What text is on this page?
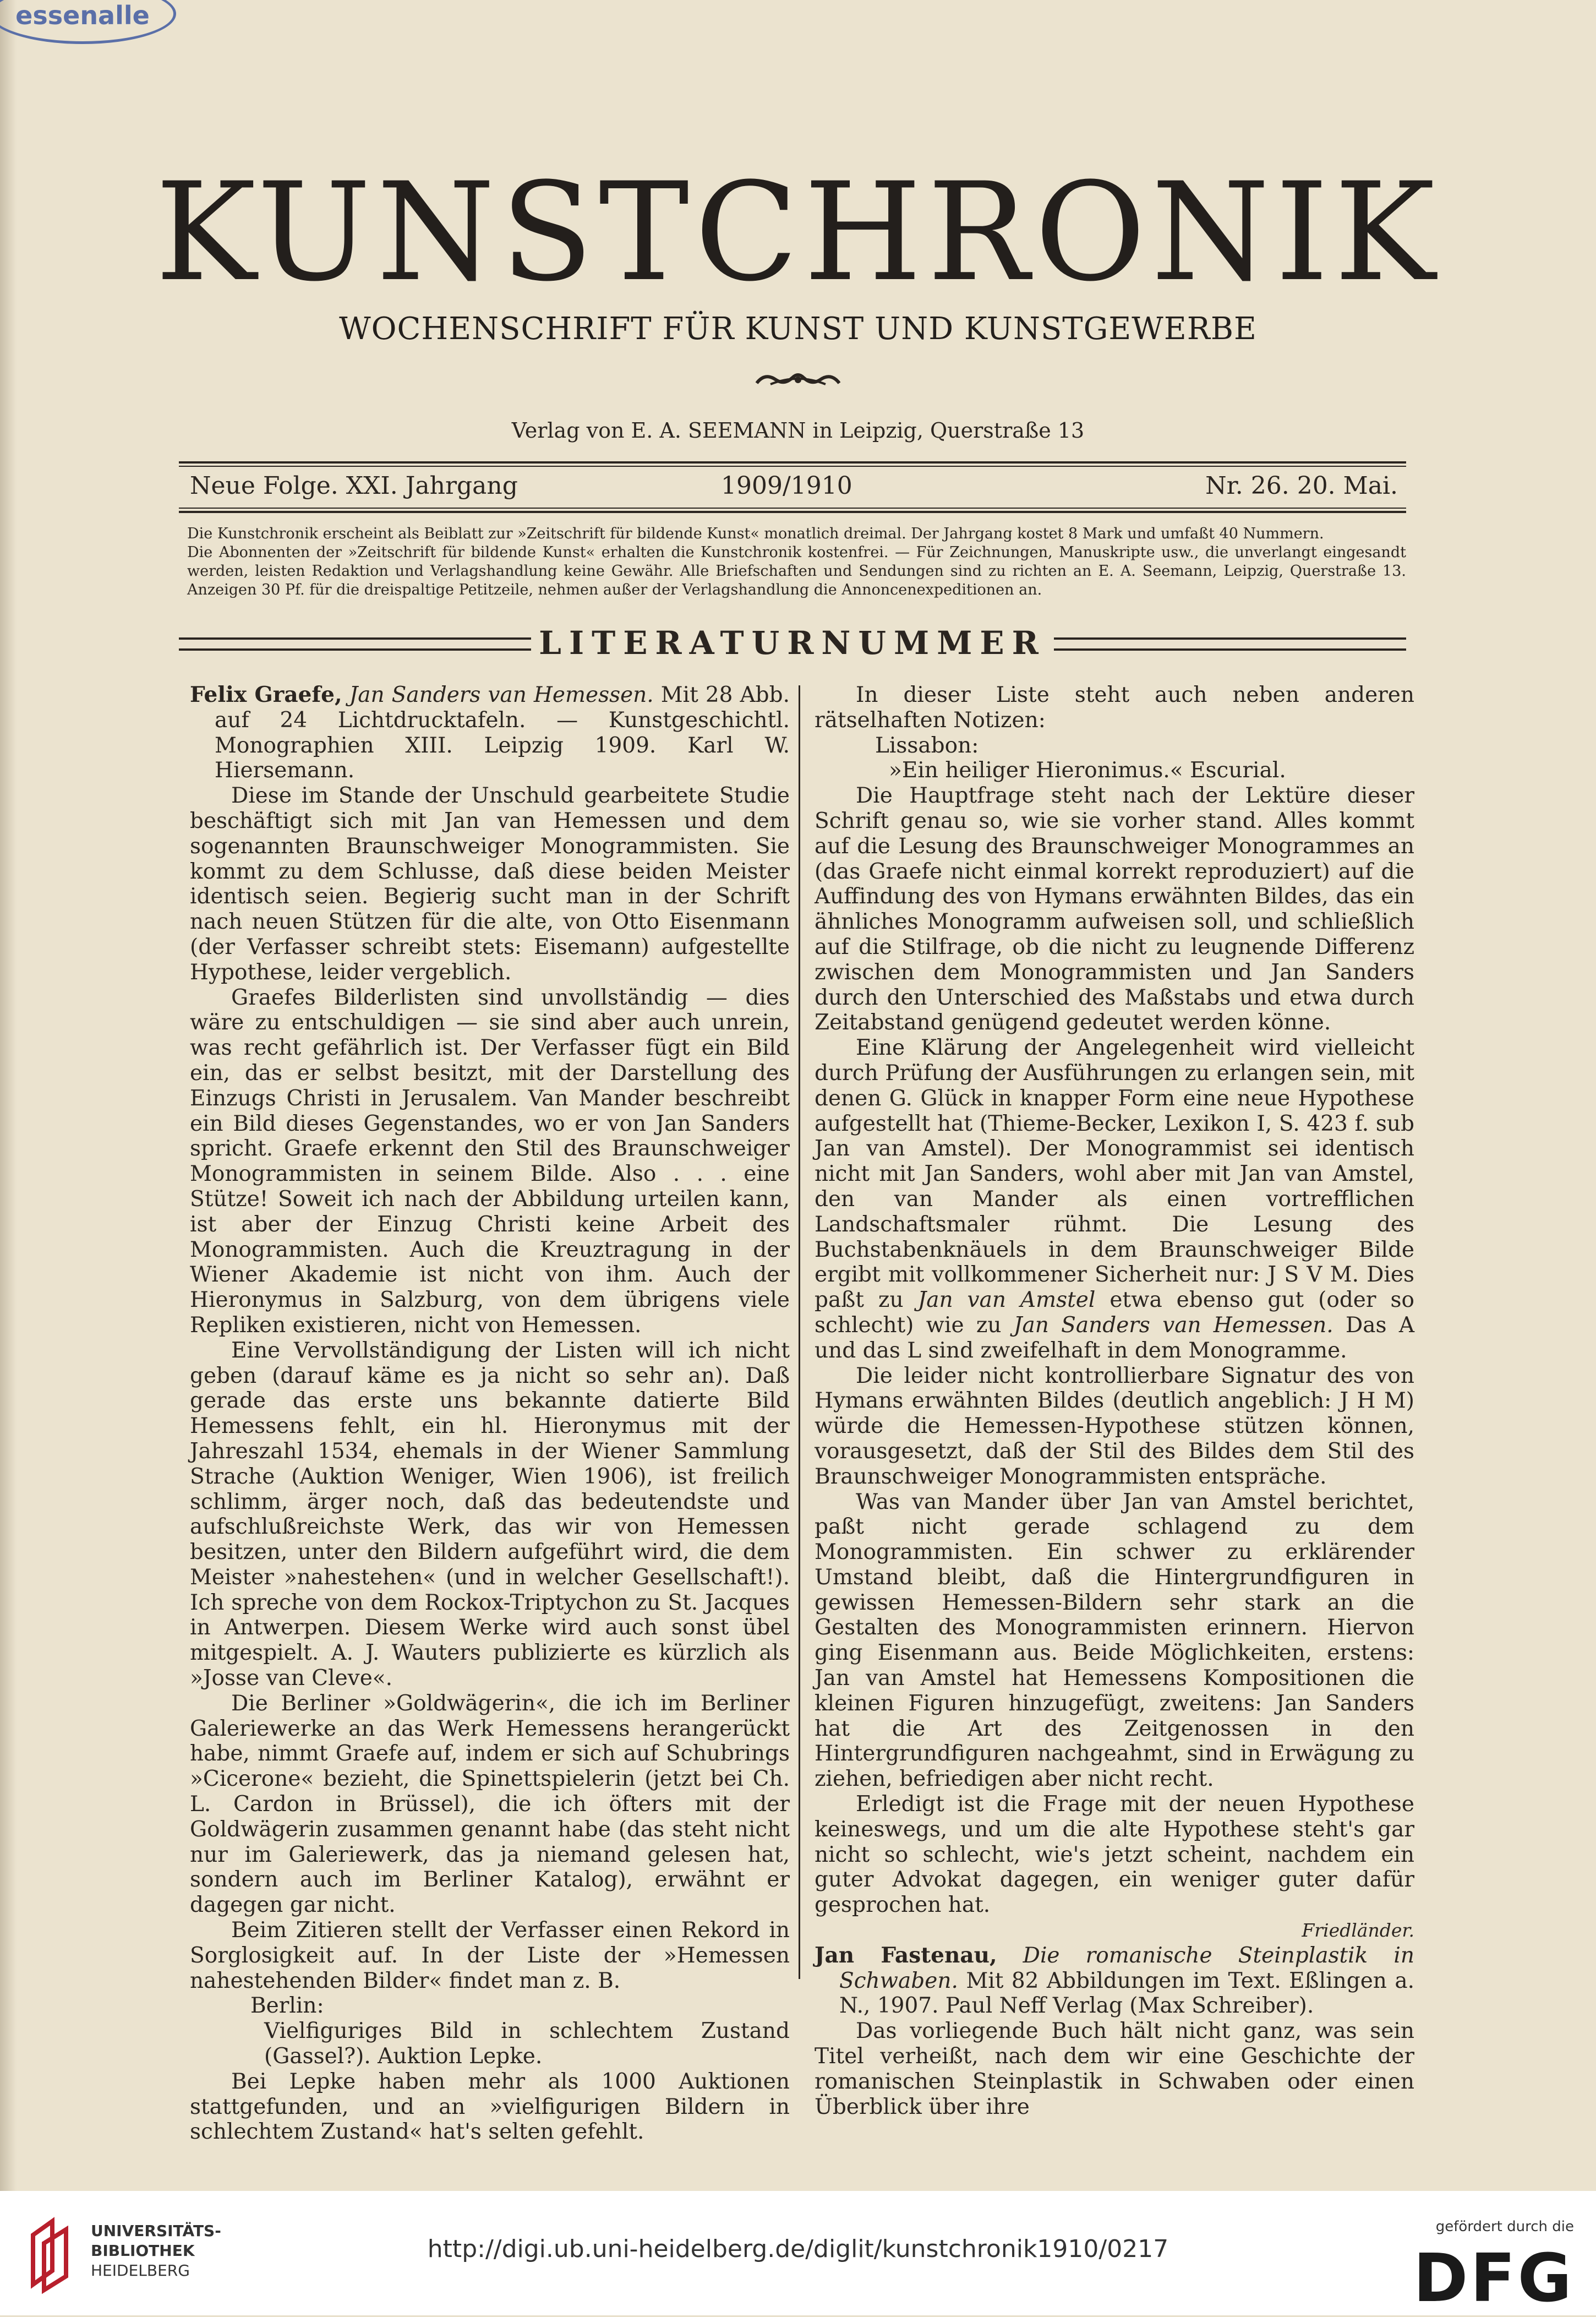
essenalle
KUNSTCHRONIK
WOCHENSCHRIFT FÜR KUNST UND KUNSTGEWERBE
Verlag von E. A. SEEMANN in Leipzig, Querstraße 13
Neue Folge. XXI. Jahrgang	1909/1910	Nr. 26. 20. Mai.

Die Kunstchronik erscheint als Beiblatt zur »Zeitschrift für bildende Kunst« monatlich dreimal. Der Jahrgang kostet 8 Mark und umfaßt 40 Nummern.

Die Abonnenten der »Zeitschrift für bildende Kunst« erhalten die Kunstchronik kostenfrei. — Für Zeichnungen, Manuskripte usw., die unverlangt eingesandt werden, leisten Redaktion und Verlagshandlung keine Gewähr. Alle Briefschaften und Sendungen sind zu richten an E. A. Seemann, Leipzig, Querstraße 13. Anzeigen 30 Pf. für die dreispaltige Petitzeile, nehmen außer der Verlagshandlung die Annoncenexpeditionen an.

LITERATURNUMMER

Felix Graefe, Jan Sanders van Hemessen. Mit 28 Abb. auf 24 Lichtdrucktafeln. — Kunstgeschichtl. Monographien XIII. Leipzig 1909. Karl W. Hiersemann.

Diese im Stande der Unschuld gearbeitete Studie beschäftigt sich mit Jan van Hemessen und dem sogenannten Braunschweiger Monogrammisten. Sie kommt zu dem Schlusse, daß diese beiden Meister identisch seien. Begierig sucht man in der Schrift nach neuen Stützen für die alte, von Otto Eisenmann (der Verfasser schreibt stets: Eisemann) aufgestellte Hypothese, leider vergeblich.

Graefes Bilderlisten sind unvollständig — dies wäre zu entschuldigen — sie sind aber auch unrein, was recht gefährlich ist. Der Verfasser fügt ein Bild ein, das er selbst besitzt, mit der Darstellung des Einzugs Christi in Jerusalem. Van Mander beschreibt ein Bild dieses Gegenstandes, wo er von Jan Sanders spricht. Graefe erkennt den Stil des Braunschweiger Monogrammisten in seinem Bilde. Also . . . eine Stütze! Soweit ich nach der Abbildung urteilen kann, ist aber der Einzug Christi keine Arbeit des Monogrammisten. Auch die Kreuztragung in der Wiener Akademie ist nicht von ihm. Auch der Hieronymus in Salzburg, von dem übrigens viele Repliken existieren, nicht von Hemessen.

Eine Vervollständigung der Listen will ich nicht geben (darauf käme es ja nicht so sehr an). Daß gerade das erste uns bekannte datierte Bild Hemessens fehlt, ein hl. Hieronymus mit der Jahreszahl 1534, ehemals in der Wiener Sammlung Strache (Auktion Weniger, Wien 1906), ist freilich schlimm, ärger noch, daß das bedeutendste und aufschlußreichste Werk, das wir von Hemessen besitzen, unter den Bildern aufgeführt wird, die dem Meister »nahestehen« (und in welcher Gesellschaft!). Ich spreche von dem Rockox-Triptychon zu St. Jacques in Antwerpen. Diesem Werke wird auch sonst übel mitgespielt. A. J. Wauters publizierte es kürzlich als »Josse van Cleve«.

Die Berliner »Goldwägerin«, die ich im Berliner Galeriewerke an das Werk Hemessens herangerückt habe, nimmt Graefe auf, indem er sich auf Schubrings »Cicerone« bezieht, die Spinettspielerin (jetzt bei Ch. L. Cardon in Brüssel), die ich öfters mit der Goldwägerin zusammen genannt habe (das steht nicht nur im Galeriewerk, das ja niemand gelesen hat, sondern auch im Berliner Katalog), erwähnt er dagegen gar nicht.

Beim Zitieren stellt der Verfasser einen Rekord in Sorglosigkeit auf. In der Liste der »Hemessen nahestehenden Bilder« findet man z. B.

Berlin:

Vielfiguriges Bild in schlechtem Zustand (Gassel?). Auktion Lepke.

Bei Lepke haben mehr als 1000 Auktionen stattgefunden, und an »vielfigurigen Bildern in schlechtem Zustand« hat's selten gefehlt.

In dieser Liste steht auch neben anderen rätselhaften Notizen:

Lissabon:

»Ein heiliger Hieronimus.« Escurial.

Die Hauptfrage steht nach der Lektüre dieser Schrift genau so, wie sie vorher stand. Alles kommt auf die Lesung des Braunschweiger Monogrammes an (das Graefe nicht einmal korrekt reproduziert) auf die Auffindung des von Hymans erwähnten Bildes, das ein ähnliches Monogramm aufweisen soll, und schließlich auf die Stilfrage, ob die nicht zu leugnende Differenz zwischen dem Monogrammisten und Jan Sanders durch den Unterschied des Maßstabs und etwa durch Zeitabstand genügend gedeutet werden könne.

Eine Klärung der Angelegenheit wird vielleicht durch Prüfung der Ausführungen zu erlangen sein, mit denen G. Glück in knapper Form eine neue Hypothese aufgestellt hat (Thieme-Becker, Lexikon I, S. 423 f. sub Jan van Amstel). Der Monogrammist sei identisch nicht mit Jan Sanders, wohl aber mit Jan van Amstel, den van Mander als einen vortrefflichen Landschaftsmaler rühmt. Die Lesung des Buchstabenknäuels in dem Braunschweiger Bilde ergibt mit vollkommener Sicherheit nur: J S V M. Dies paßt zu Jan van Amstel etwa ebenso gut (oder so schlecht) wie zu Jan Sanders van Hemessen. Das A und das L sind zweifelhaft in dem Monogramme.

Die leider nicht kontrollierbare Signatur des von Hymans erwähnten Bildes (deutlich angeblich: J H M) würde die Hemessen-Hypothese stützen können, vorausgesetzt, daß der Stil des Bildes dem Stil des Braunschweiger Monogrammisten entspräche.

Was van Mander über Jan van Amstel berichtet, paßt nicht gerade schlagend zu dem Monogrammisten. Ein schwer zu erklärender Umstand bleibt, daß die Hintergrundfiguren in gewissen Hemessen-Bildern sehr stark an die Gestalten des Monogrammisten erinnern. Hiervon ging Eisenmann aus. Beide Möglichkeiten, erstens: Jan van Amstel hat Hemessens Kompositionen die kleinen Figuren hinzugefügt, zweitens: Jan Sanders hat die Art des Zeitgenossen in den Hintergrundfiguren nachgeahmt, sind in Erwägung zu ziehen, befriedigen aber nicht recht.

Erledigt ist die Frage mit der neuen Hypothese keineswegs, und um die alte Hypothese steht's gar nicht so schlecht, wie's jetzt scheint, nachdem ein guter Advokat dagegen, ein weniger guter dafür gesprochen hat.

Friedländer.

Jan Fastenau, Die romanische Steinplastik in Schwaben. Mit 82 Abbildungen im Text. Eßlingen a. N., 1907. Paul Neff Verlag (Max Schreiber).

Das vorliegende Buch hält nicht ganz, was sein Titel verheißt, nach dem wir eine Geschichte der romanischen Steinplastik in Schwaben oder einen Überblick über ihre

UNIVERSITÄTS-
BIBLIOTHEK
HEIDELBERG
http://digi.ub.uni-heidelberg.de/diglit/kunstchronik1910/0217
gefördert durch die
DFG
